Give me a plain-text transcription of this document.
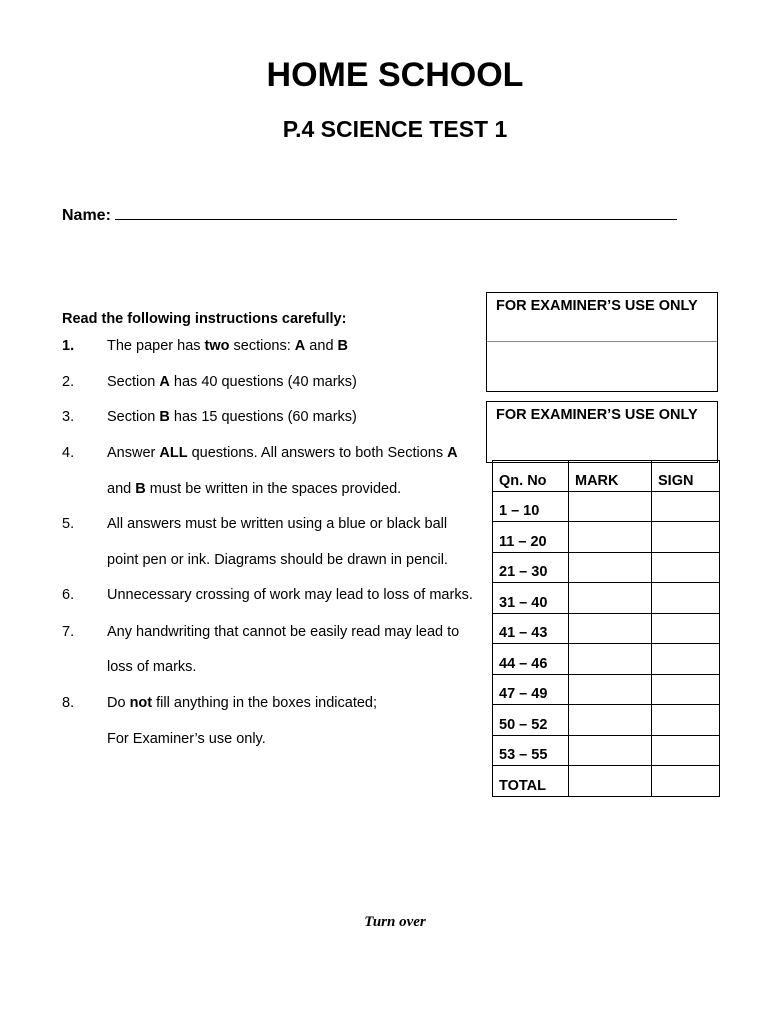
HOME SCHOOL
P.4 SCIENCE TEST 1
Name:
Read the following instructions carefully:
1. The paper has two sections: A and B
2. Section A has 40 questions (40 marks)
3. Section B has 15 questions (60 marks)
4. Answer ALL questions. All answers to both Sections A
and B must be written in the spaces provided.
5. All answers must be written using a blue or black ball
point pen or ink. Diagrams should be drawn in pencil.
6. Unnecessary crossing of work may lead to loss of marks.
7. Any handwriting that cannot be easily read may lead to
loss of marks.
8. Do not fill anything in the boxes indicated;
For Examiner’s use only.
FOR EXAMINER’S USE ONLY
FOR EXAMINER’S USE ONLY
Qn. No	MARK	SIGN
1 – 10		
11 – 20		
21 – 30		
31 – 40		
41 – 43		
44 – 46		
47 – 49		
50 – 52		
53 – 55		
TOTAL		
Turn over
